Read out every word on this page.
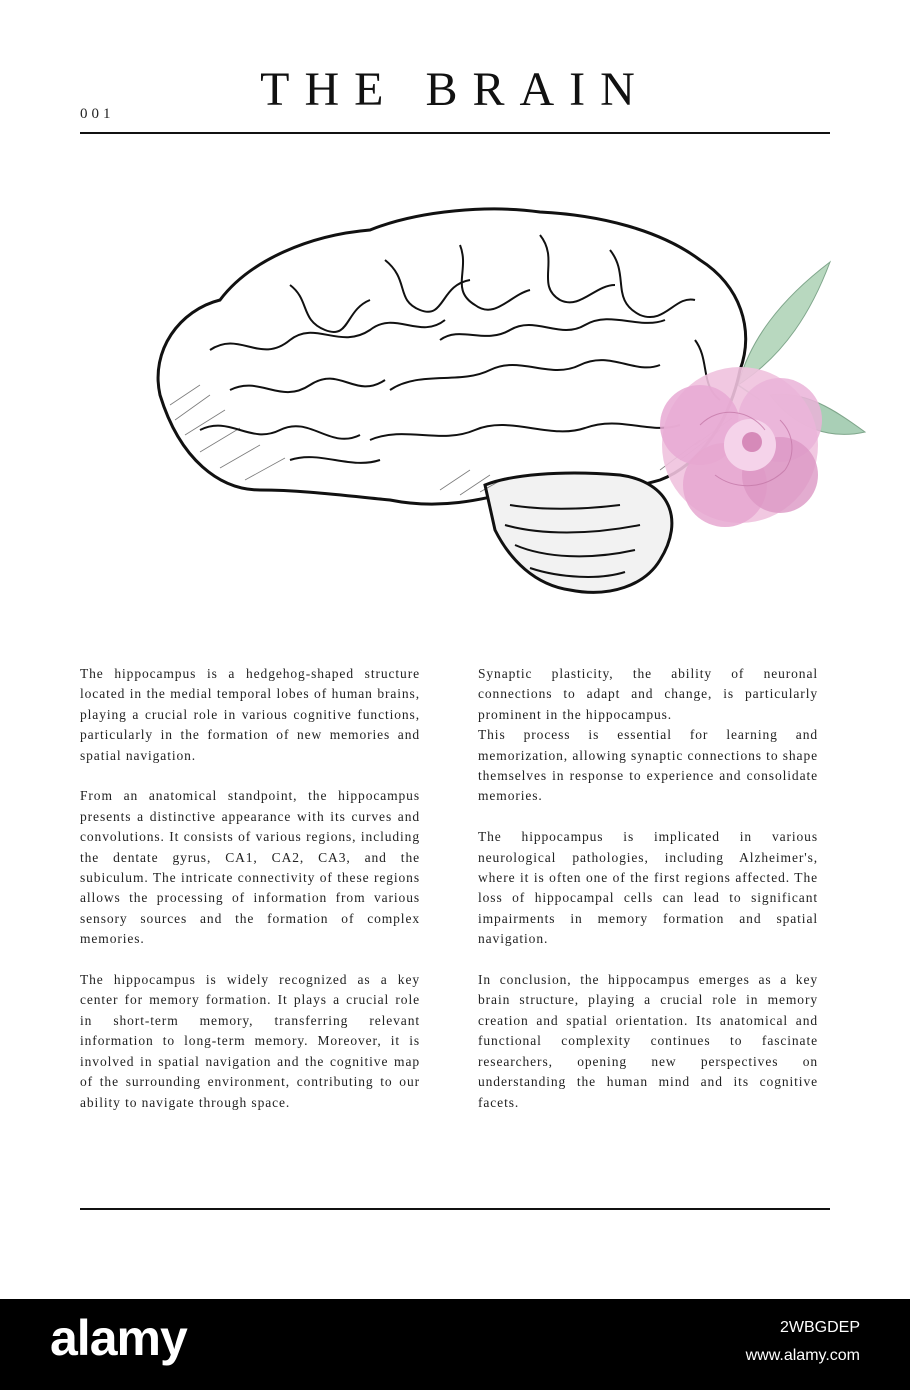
THE BRAIN
001

The hippocampus is a hedgehog-shaped structure located in the medial temporal lobes of human brains, playing a crucial role in various cognitive functions, particularly in the formation of new memories and spatial navigation.

From an anatomical standpoint, the hippocampus presents a distinctive appearance with its curves and convolutions. It consists of various regions, including the dentate gyrus, CA1, CA2, CA3, and the subiculum. The intricate connectivity of these regions allows the processing of information from various sensory sources and the formation of complex memories.

The hippocampus is widely recognized as a key center for memory formation. It plays a crucial role in short-term memory, transferring relevant information to long-term memory. Moreover, it is involved in spatial navigation and the cognitive map of the surrounding environment, contributing to our ability to navigate through space.

Synaptic plasticity, the ability of neuronal connections to adapt and change, is particularly prominent in the hippocampus.

This process is essential for learning and memorization, allowing synaptic connections to shape themselves in response to experience and consolidate memories.

The hippocampus is implicated in various neurological pathologies, including Alzheimer's, where it is often one of the first regions affected. The loss of hippocampal cells can lead to significant impairments in memory formation and spatial navigation.

In conclusion, the hippocampus emerges as a key brain structure, playing a crucial role in memory creation and spatial orientation. Its anatomical and functional complexity continues to fascinate researchers, opening new perspectives on understanding the human mind and its cognitive facets.

alamy	2WBGDEP
www.alamy.com
